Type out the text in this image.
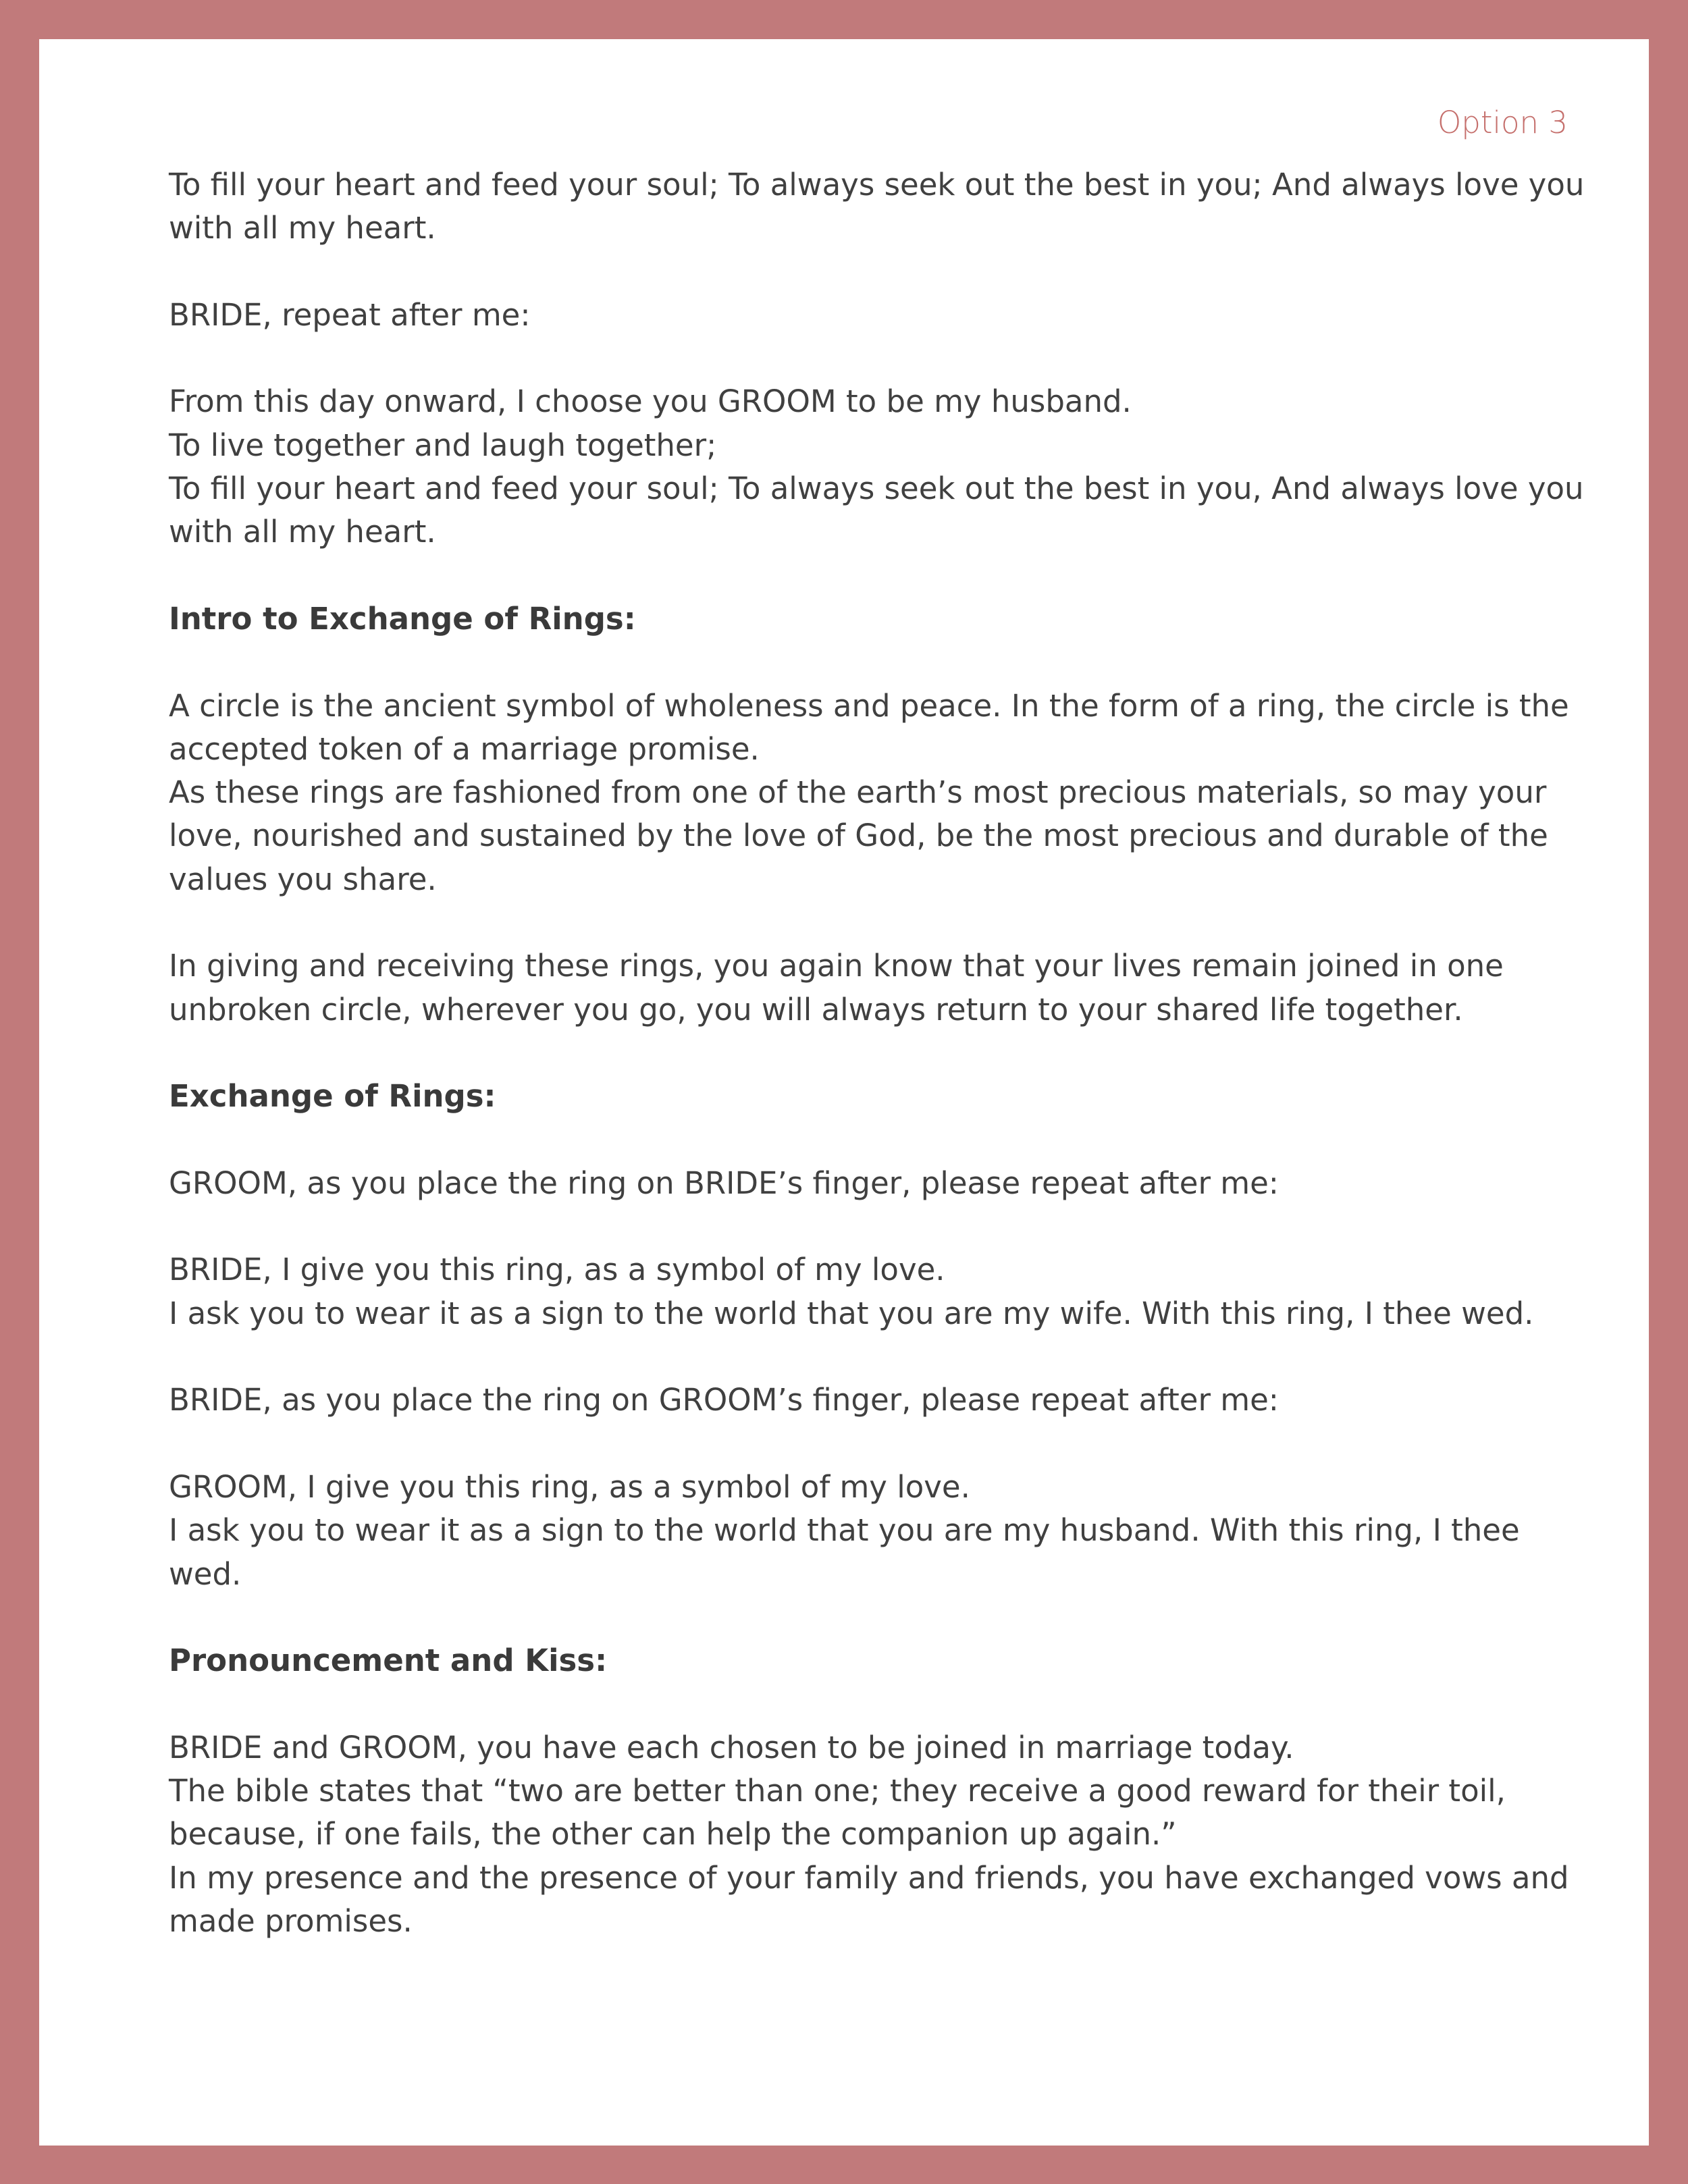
Option 3

To fill your heart and feed your soul; To always seek out the best in you; And always love you with all my heart.

BRIDE, repeat after me:

From this day onward, I choose you GROOM to be my husband.
To live together and laugh together;
To fill your heart and feed your soul; To always seek out the best in you, And always love you with all my heart.

Intro to Exchange of Rings:

A circle is the ancient symbol of wholeness and peace. In the form of a ring, the circle is the accepted token of a marriage promise.
As these rings are fashioned from one of the earth’s most precious materials, so may your love, nourished and sustained by the love of God, be the most precious and durable of the values you share.

In giving and receiving these rings, you again know that your lives remain joined in one unbroken circle, wherever you go, you will always return to your shared life together.

Exchange of Rings:

GROOM, as you place the ring on BRIDE’s finger, please repeat after me:

BRIDE, I give you this ring, as a symbol of my love.
I ask you to wear it as a sign to the world that you are my wife. With this ring, I thee wed.

BRIDE, as you place the ring on GROOM’s finger, please repeat after me:

GROOM, I give you this ring, as a symbol of my love.
I ask you to wear it as a sign to the world that you are my husband. With this ring, I thee wed.

Pronouncement and Kiss:

BRIDE and GROOM, you have each chosen to be joined in marriage today.
The bible states that “two are better than one; they receive a good reward for their toil, because, if one fails, the other can help the companion up again.”
In my presence and the presence of your family and friends, you have exchanged vows and made promises.
